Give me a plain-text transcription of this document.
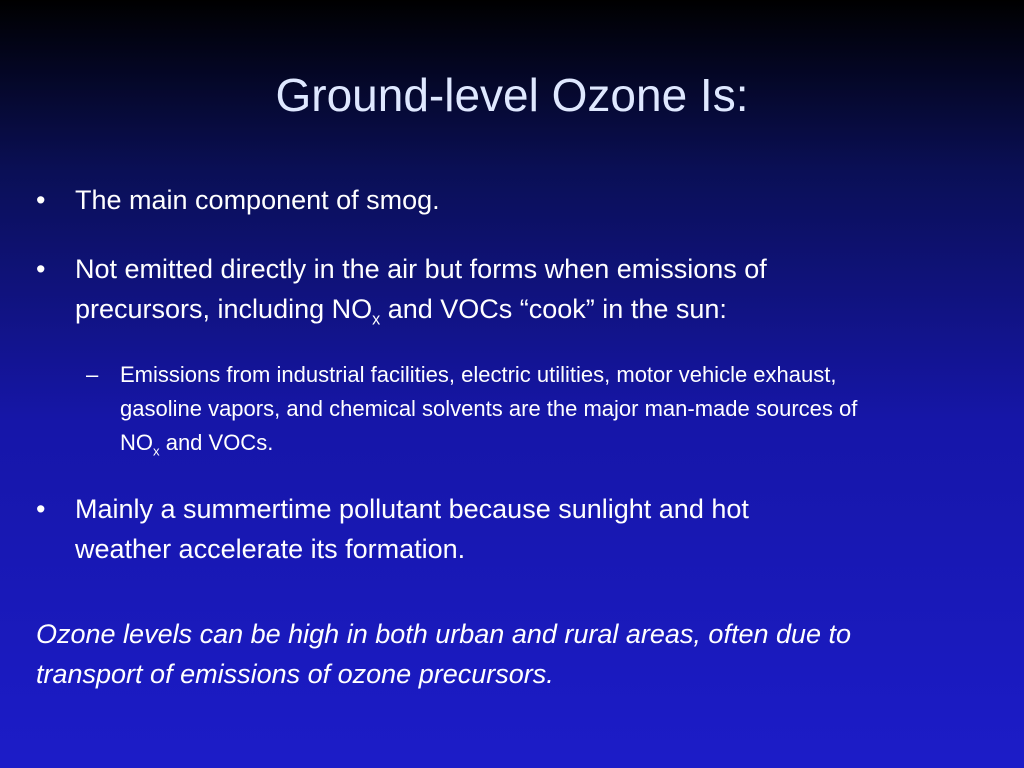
Ground-level Ozone Is:
• The main component of smog.
• Not emitted directly in the air but forms when emissions of
precursors, including $NO_x$ and VOCs “cook” in the sun:
– Emissions from industrial facilities, electric utilities, motor vehicle exhaust,
gasoline vapors, and chemical solvents are the major man-made sources of
$NO_x$ and VOCs.
• Mainly a summertime pollutant because sunlight and hot
weather accelerate its formation.
Ozone levels can be high in both urban and rural areas, often due to
transport of emissions of ozone precursors.
